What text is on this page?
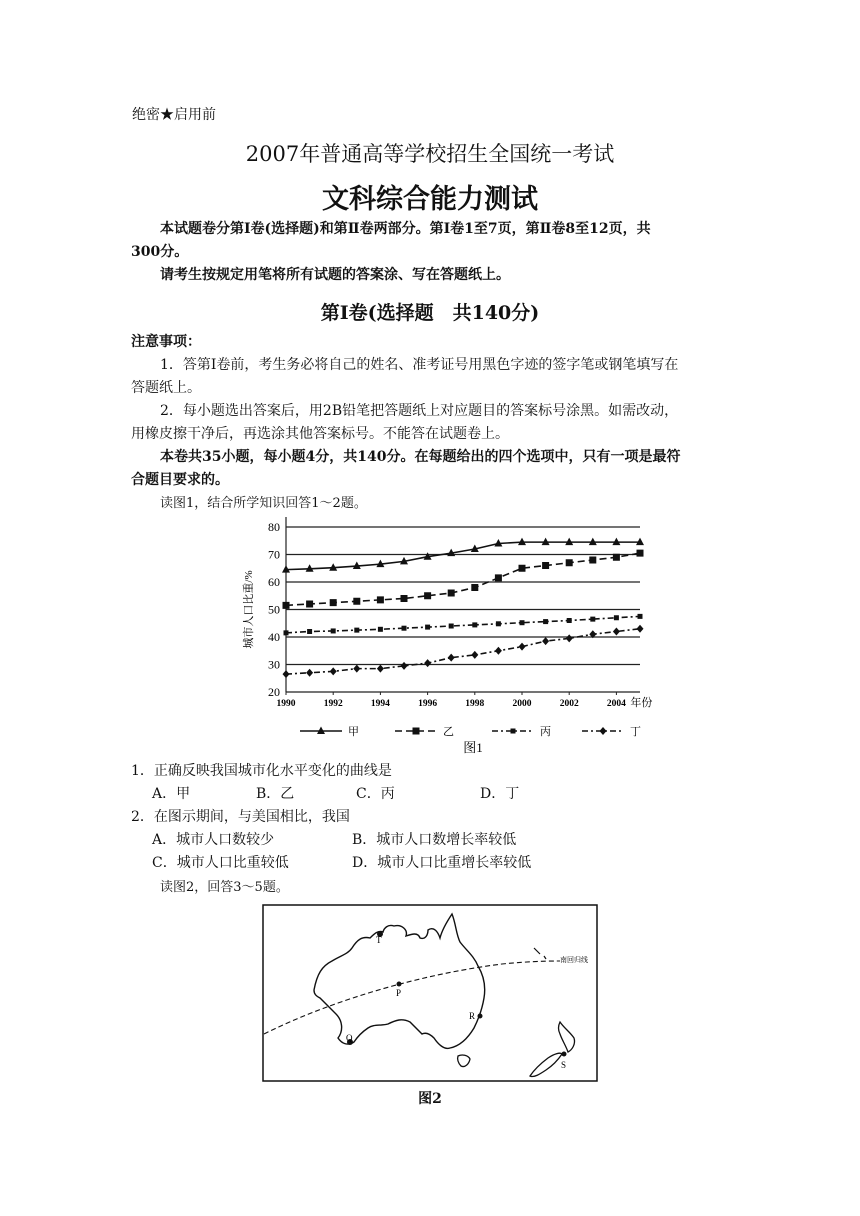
绝密★启用前
2007年普通高等学校招生全国统一考试
文科综合能力测试
本试题卷分第Ⅰ卷(选择题)和第Ⅱ卷两部分。第Ⅰ卷1至7页，第Ⅱ卷8至12页，共
300分。
请考生按规定用笔将所有试题的答案涂、写在答题纸上。
第Ⅰ卷(选择题　共140分)
注意事项：
1．答第Ⅰ卷前，考生务必将自己的姓名、准考证号用黑色字迹的签字笔或钢笔填写在
答题纸上。
2．每小题选出答案后，用2B铅笔把答题纸上对应题目的答案标号涂黑。如需改动，
用橡皮擦干净后，再选涂其他答案标号。不能答在试题卷上。
本卷共35小题，每小题4分，共140分。在每题给出的四个选项中，只有一项是最符
合题目要求的。
读图1，结合所学知识回答1～2题。
20
30
40
50
60
70
80
1990	1992	1994	1996	1998	2000	2002	2004 年份
城市人口比重/%
甲	乙	丙	丁
图1
1．正确反映我国城市化水平变化的曲线是
A．甲	B．乙	C．丙	D．丁
2．在图示期间，与美国相比，我国
A．城市人口数较少	B．城市人口数增长率较低
C．城市人口比重较低	D．城市人口比重增长率较低
读图2，回答3～5题。
南回归线
T
P
R
Q
S
图2
